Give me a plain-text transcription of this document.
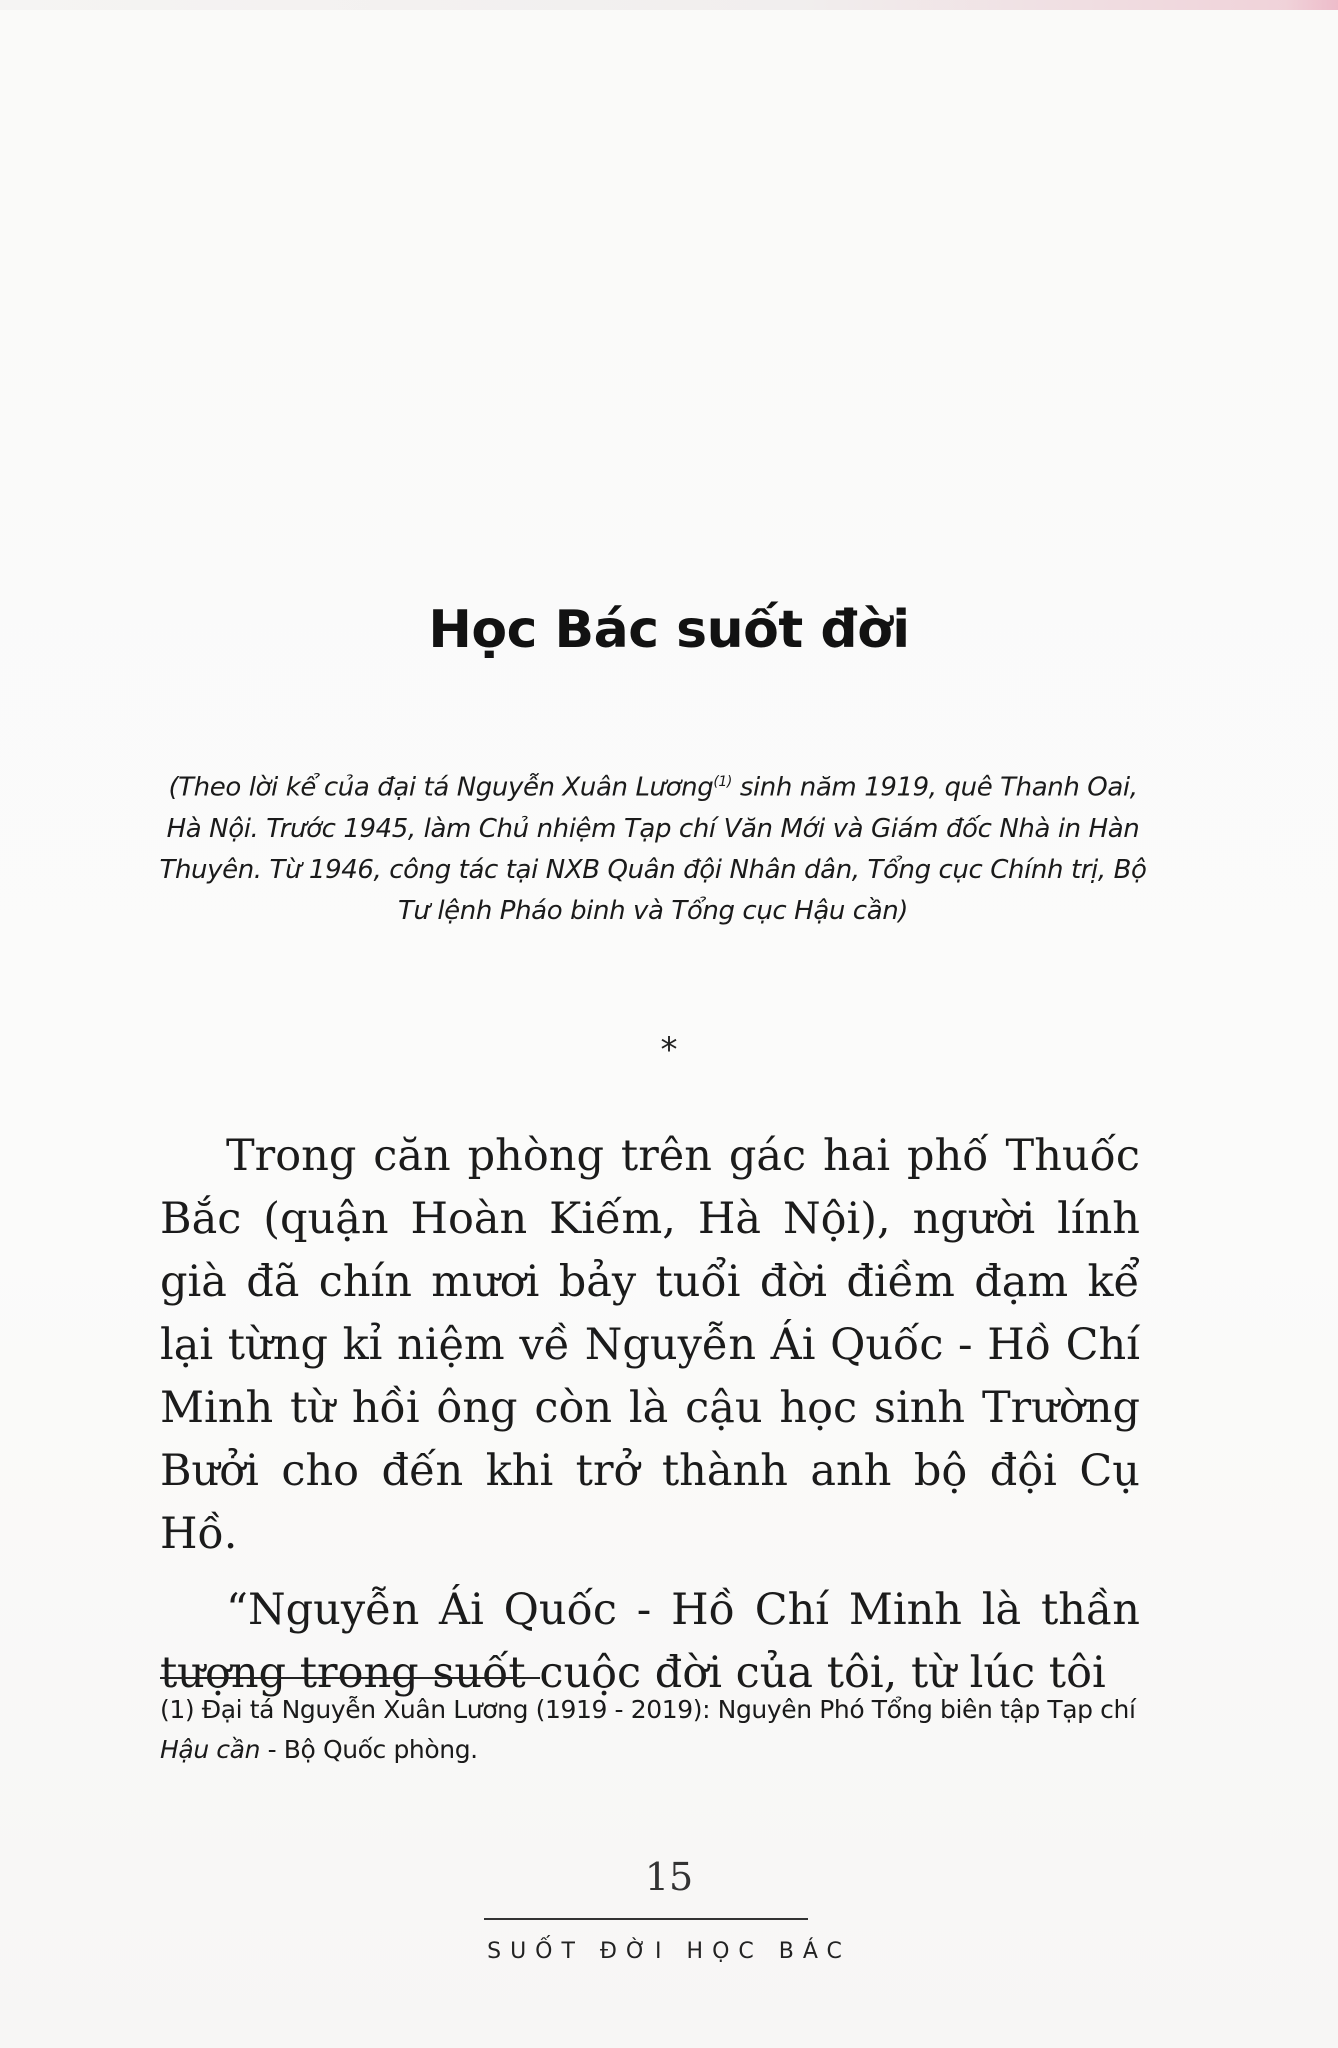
Học Bác suốt đời
(Theo lời kể của đại tá Nguyễn Xuân Lương$^{(1)}$ sinh năm 1919, quê Thanh Oai, Hà Nội. Trước 1945, làm Chủ nhiệm Tạp chí Văn Mới và Giám đốc Nhà in Hàn Thuyên. Từ 1946, công tác tại NXB Quân đội Nhân dân, Tổng cục Chính trị, Bộ Tư lệnh Pháo binh và Tổng cục Hậu cần)
*

Trong căn phòng trên gác hai phố Thuốc Bắc (quận Hoàn Kiếm, Hà Nội), người lính già đã chín mươi bảy tuổi đời điềm đạm kể lại từng kỉ niệm về Nguyễn Ái Quốc - Hồ Chí Minh từ hồi ông còn là cậu học sinh Trường Bưởi cho đến khi trở thành anh bộ đội Cụ Hồ.

“Nguyễn Ái Quốc - Hồ Chí Minh là thần tượng trong suốt cuộc đời của tôi, từ lúc tôi

(1) Đại tá Nguyễn Xuân Lương (1919 - 2019): Nguyên Phó Tổng biên tập Tạp chí Hậu cần - Bộ Quốc phòng.
15
SUỐT ĐỜI HỌC BÁC
